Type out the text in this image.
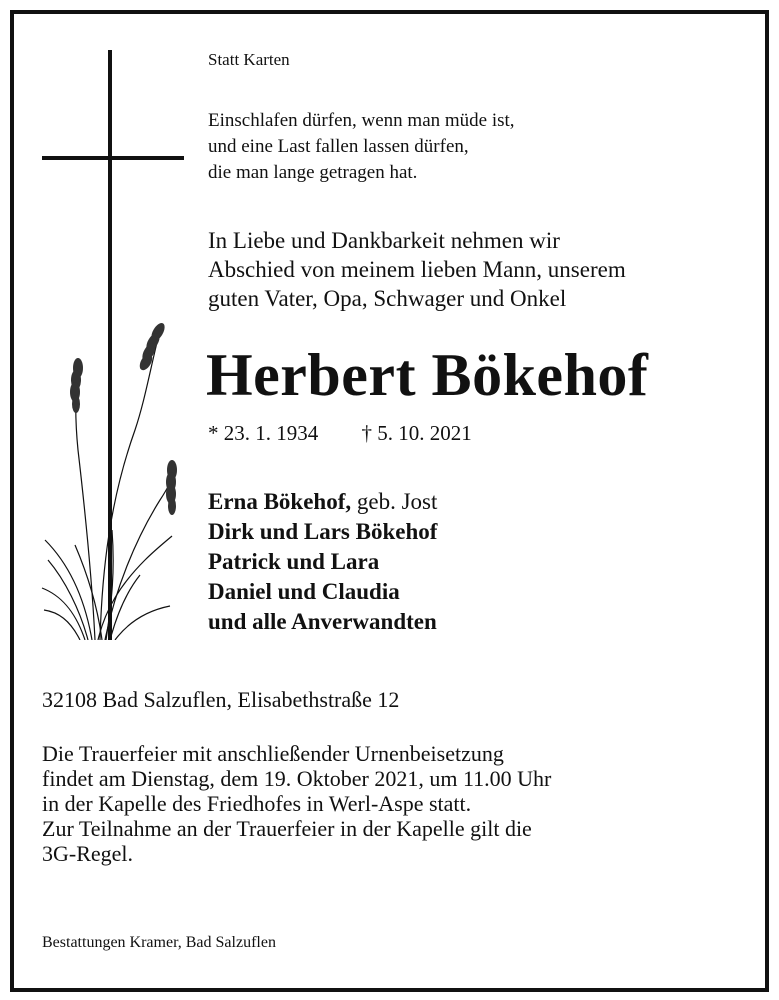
Statt Karten

Einschlafen dürfen, wenn man müde ist,
und eine Last fallen lassen dürfen,
die man lange getragen hat.
In Liebe und Dankbarkeit nehmen wir
Abschied von meinem lieben Mann, unserem
guten Vater, Opa, Schwager und Onkel
Herbert Bökehof
* 23. 1. 1934 † 5. 10. 2021
Erna Bökehof, geb. Jost
Dirk und Lars Bökehof
Patrick und Lara
Daniel und Claudia
und alle Anverwandten

32108 Bad Salzuflen, Elisabethstraße 12

Die Trauerfeier mit anschließender Urnenbeisetzung
findet am Dienstag, dem 19. Oktober 2021, um 11.00 Uhr
in der Kapelle des Friedhofes in Werl-Aspe statt.
Zur Teilnahme an der Trauerfeier in der Kapelle gilt die
3G-Regel.

Bestattungen Kramer, Bad Salzuflen
